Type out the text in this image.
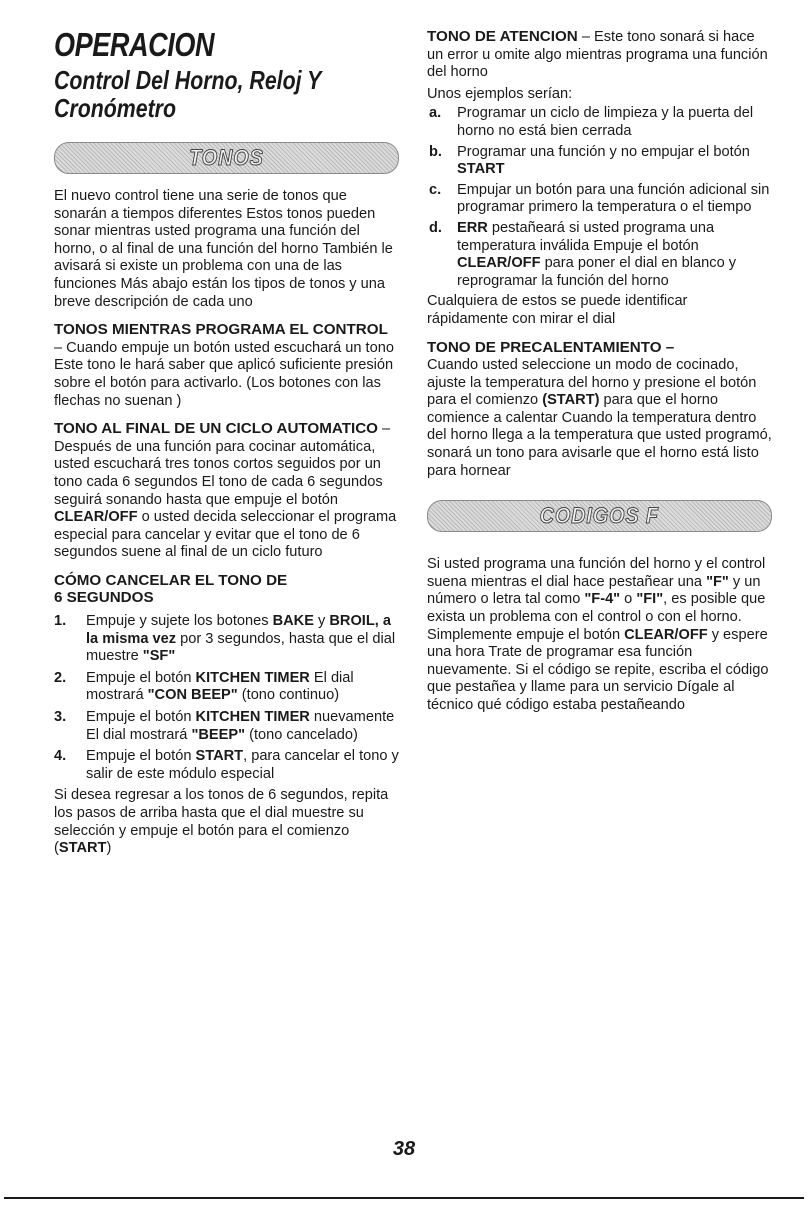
OPERACION
Control Del Horno, Reloj Y
Cronómetro
TONOS

El nuevo control tiene una serie de tonos que sonarán a tiempos diferentes Estos tonos pueden sonar mientras usted programa una función del horno, o al final de una función del horno También le avisará si existe un problema con una de las funciones Más abajo están los tipos de tonos y una breve descripción de cada uno

TONOS MIENTRAS PROGRAMA EL CONTROL – Cuando empuje un botón usted escuchará un tono Este tono le hará saber que aplicó suficiente presión sobre el botón para activarlo. (Los botones con las flechas no suenan )

TONO AL FINAL DE UN CICLO AUTOMATICO – Después de una función para cocinar automática, usted escuchará tres tonos cortos seguidos por un tono cada 6 segundos El tono de cada 6 segundos seguirá sonando hasta que empuje el botón CLEAR/OFF o usted decida seleccionar el programa especial para cancelar y evitar que el tono de 6 segundos suene al final de un ciclo futuro

CÓMO CANCELAR EL TONO DE
6 SEGUNDOS
1. Empuje y sujete los botones BAKE y BROIL, a la misma vez por 3 segundos, hasta que el dial muestre "SF"
2. Empuje el botón KITCHEN TIMER El dial mostrará "CON BEEP" (tono continuo)
3. Empuje el botón KITCHEN TIMER nuevamente El dial mostrará "BEEP" (tono cancelado)
4. Empuje el botón START, para cancelar el tono y salir de este módulo especial

Si desea regresar a los tonos de 6 segundos, repita los pasos de arriba hasta que el dial muestre su selección y empuje el botón para el comienzo (START)

TONO DE ATENCION – Este tono sonará si hace un error u omite algo mientras programa una función del horno

Unos ejemplos serían:

a. Programar un ciclo de limpieza y la puerta del horno no está bien cerrada
b. Programar una función y no empujar el botón START
c. Empujar un botón para una función adicional sin programar primero la temperatura o el tiempo
d. ERR pestañeará si usted programa una temperatura inválida Empuje el botón CLEAR/OFF para poner el dial en blanco y reprogramar la función del horno

Cualquiera de estos se puede identificar rápidamente con mirar el dial

TONO DE PRECALENTAMIENTO –
Cuando usted seleccione un modo de cocinado, ajuste la temperatura del horno y presione el botón para el comienzo (START) para que el horno comience a calentar Cuando la temperatura dentro del horno llega a la temperatura que usted programó, sonará un tono para avisarle que el horno está listo para hornear

CODIGOS F

Si usted programa una función del horno y el control suena mientras el dial hace pestañear una "F" y un número o letra tal como "F-4" o "FI", es posible que exista un problema con el control o con el horno. Simplemente empuje el botón CLEAR/OFF y espere una hora Trate de programar esa función nuevamente. Si el código se repite, escriba el código que pestañea y llame para un servicio Dígale al técnico qué código estaba pestañeando

38
